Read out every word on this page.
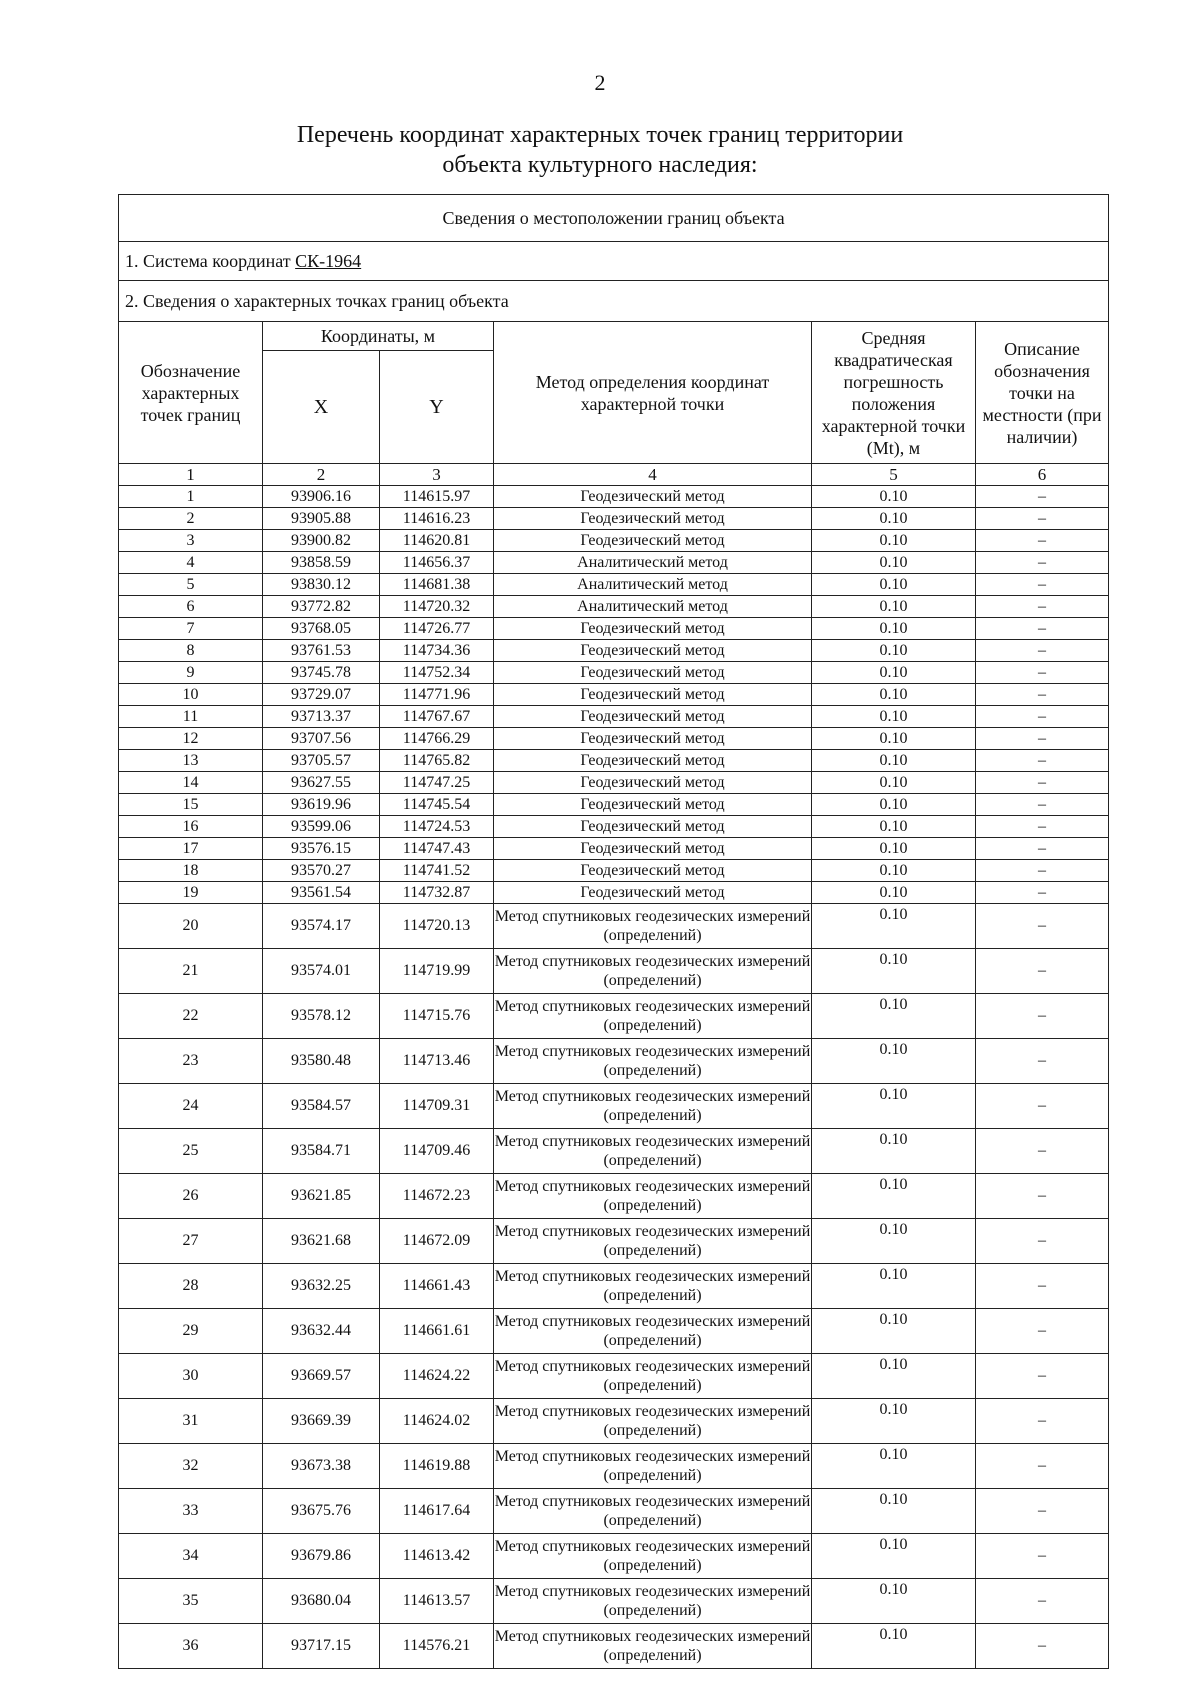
2
Перечень координат характерных точек границ территории
объекта культурного наследия:
Сведения о местоположении границ объекта					
1. Система координат СК-1964					
2. Сведения о характерных точках границ объекта					
Обозначение характерных точек границ	Координаты, м		Метод определения координат характерной точки	Средняя квадратическая погрешность положения характерной точки (Mt), м	Описание обозначения точки на местности (при наличии)
	X	Y			
1	2	3	4	5	6
1	93906.16	114615.97	Геодезический метод	0.10	–
2	93905.88	114616.23	Геодезический метод	0.10	–
3	93900.82	114620.81	Геодезический метод	0.10	–
4	93858.59	114656.37	Аналитический метод	0.10	–
5	93830.12	114681.38	Аналитический метод	0.10	–
6	93772.82	114720.32	Аналитический метод	0.10	–
7	93768.05	114726.77	Геодезический метод	0.10	–
8	93761.53	114734.36	Геодезический метод	0.10	–
9	93745.78	114752.34	Геодезический метод	0.10	–
10	93729.07	114771.96	Геодезический метод	0.10	–
11	93713.37	114767.67	Геодезический метод	0.10	–
12	93707.56	114766.29	Геодезический метод	0.10	–
13	93705.57	114765.82	Геодезический метод	0.10	–
14	93627.55	114747.25	Геодезический метод	0.10	–
15	93619.96	114745.54	Геодезический метод	0.10	–
16	93599.06	114724.53	Геодезический метод	0.10	–
17	93576.15	114747.43	Геодезический метод	0.10	–
18	93570.27	114741.52	Геодезический метод	0.10	–
19	93561.54	114732.87	Геодезический метод	0.10	–
20	93574.17	114720.13	Метод спутниковых геодезических измерений (определений)	0.10	–
21	93574.01	114719.99	Метод спутниковых геодезических измерений (определений)	0.10	–
22	93578.12	114715.76	Метод спутниковых геодезических измерений (определений)	0.10	–
23	93580.48	114713.46	Метод спутниковых геодезических измерений (определений)	0.10	–
24	93584.57	114709.31	Метод спутниковых геодезических измерений (определений)	0.10	–
25	93584.71	114709.46	Метод спутниковых геодезических измерений (определений)	0.10	–
26	93621.85	114672.23	Метод спутниковых геодезических измерений (определений)	0.10	–
27	93621.68	114672.09	Метод спутниковых геодезических измерений (определений)	0.10	–
28	93632.25	114661.43	Метод спутниковых геодезических измерений (определений)	0.10	–
29	93632.44	114661.61	Метод спутниковых геодезических измерений (определений)	0.10	–
30	93669.57	114624.22	Метод спутниковых геодезических измерений (определений)	0.10	–
31	93669.39	114624.02	Метод спутниковых геодезических измерений (определений)	0.10	–
32	93673.38	114619.88	Метод спутниковых геодезических измерений (определений)	0.10	–
33	93675.76	114617.64	Метод спутниковых геодезических измерений (определений)	0.10	–
34	93679.86	114613.42	Метод спутниковых геодезических измерений (определений)	0.10	–
35	93680.04	114613.57	Метод спутниковых геодезических измерений (определений)	0.10	–
36	93717.15	114576.21	Метод спутниковых геодезических измерений (определений)	0.10	–
